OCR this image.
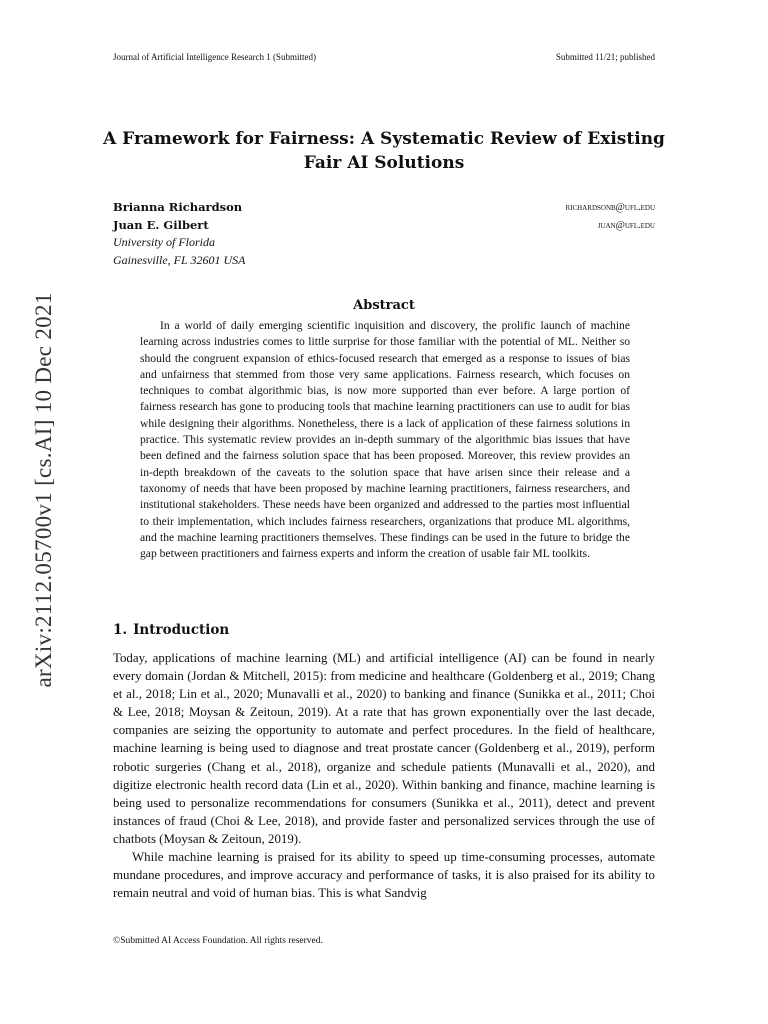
Journal of Artificial Intelligence Research 1 (Submitted)	Submitted 11/21; published
arXiv:2112.05700v1 [cs.AI] 10 Dec 2021
A Framework for Fairness: A Systematic Review of Existing
Fair AI Solutions
Brianna Richardson	richardsonb@ufl.edu
Juan E. Gilbert	juan@ufl.edu
University of Florida
Gainesville, FL 32601 USA
Abstract
In a world of daily emerging scientific inquisition and discovery, the prolific launch of machine learning across industries comes to little surprise for those familiar with the potential of ML. Neither so should the congruent expansion of ethics-focused research that emerged as a response to issues of bias and unfairness that stemmed from those very same applications. Fairness research, which focuses on techniques to combat algorithmic bias, is now more supported than ever before. A large portion of fairness research has gone to producing tools that machine learning practitioners can use to audit for bias while designing their algorithms. Nonetheless, there is a lack of application of these fairness solutions in practice. This systematic review provides an in-depth summary of the algorithmic bias issues that have been defined and the fairness solution space that has been proposed. Moreover, this review provides an in-depth breakdown of the caveats to the solution space that have arisen since their release and a taxonomy of needs that have been proposed by machine learning practitioners, fairness researchers, and institutional stakeholders. These needs have been organized and addressed to the parties most influential to their implementation, which includes fairness researchers, organizations that produce ML algorithms, and the machine learning practitioners themselves. These findings can be used in the future to bridge the gap between practitioners and fairness experts and inform the creation of usable fair ML toolkits.
1. Introduction

Today, applications of machine learning (ML) and artificial intelligence (AI) can be found in nearly every domain (Jordan & Mitchell, 2015): from medicine and healthcare (Goldenberg et al., 2019; Chang et al., 2018; Lin et al., 2020; Munavalli et al., 2020) to banking and finance (Sunikka et al., 2011; Choi & Lee, 2018; Moysan & Zeitoun, 2019). At a rate that has grown exponentially over the last decade, companies are seizing the opportunity to automate and perfect procedures. In the field of healthcare, machine learning is being used to diagnose and treat prostate cancer (Goldenberg et al., 2019), perform robotic surgeries (Chang et al., 2018), organize and schedule patients (Munavalli et al., 2020), and digitize electronic health record data (Lin et al., 2020). Within banking and finance, machine learning is being used to personalize recommendations for consumers (Sunikka et al., 2011), detect and prevent instances of fraud (Choi & Lee, 2018), and provide faster and personalized services through the use of chatbots (Moysan & Zeitoun, 2019).

While machine learning is praised for its ability to speed up time-consuming processes, automate mundane procedures, and improve accuracy and performance of tasks, it is also praised for its ability to remain neutral and void of human bias. This is what Sandvig

©Submitted AI Access Foundation. All rights reserved.
